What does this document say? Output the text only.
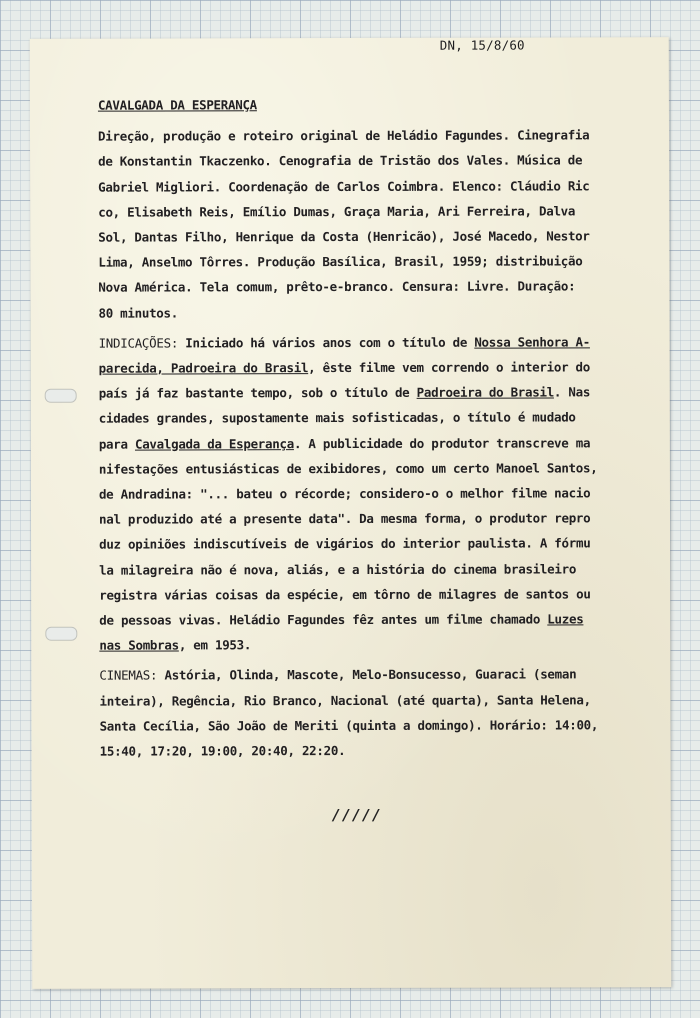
DN, 15/8/60
CAVALGADA DA ESPERANÇA
Direção, produção e roteiro original de Heládio Fagundes. Cinegrafia
de Konstantin Tkaczenko. Cenografia de Tristão dos Vales. Música de
Gabriel Migliori. Coordenação de Carlos Coimbra. Elenco: Cláudio Ric
co, Elisabeth Reis, Emílio Dumas, Graça Maria, Ari Ferreira, Dalva
Sol, Dantas Filho, Henrique da Costa (Henricão), José Macedo, Nestor
Lima, Anselmo Tôrres. Produção Basílica, Brasil, 1959; distribuição
Nova América. Tela comum, prêto-e-branco. Censura: Livre. Duração:
80 minutos.
INDICAÇÕES: Iniciado há vários anos com o título de Nossa Senhora A-
parecida, Padroeira do Brasil, êste filme vem correndo o interior do
país já faz bastante tempo, sob o título de Padroeira do Brasil. Nas
cidades grandes, supostamente mais sofisticadas, o título é mudado
para Cavalgada da Esperança. A publicidade do produtor transcreve ma
nifestações entusiásticas de exibidores, como um certo Manoel Santos,
de Andradina: "... bateu o récorde; considero-o o melhor filme nacio
nal produzido até a presente data". Da mesma forma, o produtor repro
duz opiniões indiscutíveis de vigários do interior paulista. A fórmu
la milagreira não é nova, aliás, e a história do cinema brasileiro
registra várias coisas da espécie, em tôrno de milagres de santos ou
de pessoas vivas. Heládio Fagundes fêz antes um filme chamado Luzes
nas Sombras, em 1953.
CINEMAS: Astória, Olinda, Mascote, Melo-Bonsucesso, Guaraci (seman
inteira), Regência, Rio Branco, Nacional (até quarta), Santa Helena,
Santa Cecília, São João de Meriti (quinta a domingo). Horário: 14:00,
15:40, 17:20, 19:00, 20:40, 22:20.
/////
